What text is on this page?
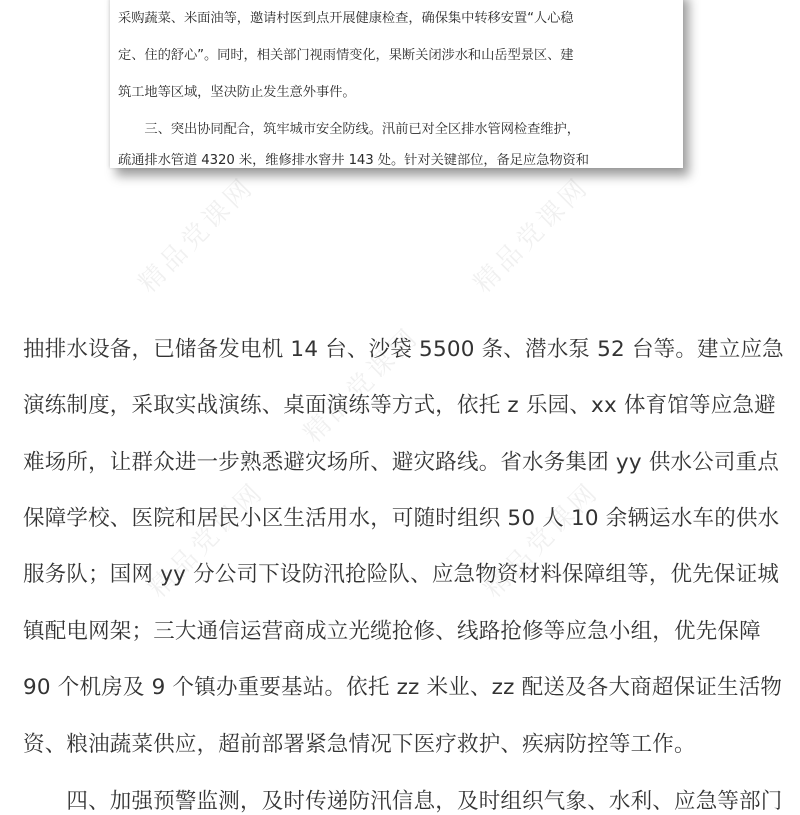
精品党课网	精品党课网
精品党课网
精品党课网	精品党课网
采购蔬菜、米面油等，邀请村医到点开展健康检查，确保集中转移安置“人心稳
定、住的舒心”。同时，相关部门视雨情变化，果断关闭涉水和山岳型景区、建
筑工地等区域，坚决防止发生意外事件。
　　三、突出协同配合，筑牢城市安全防线。汛前已对全区排水管网检查维护，
疏通排水管道 4320 米，维修排水窨井 143 处。针对关键部位，备足应急物资和
抽排水设备，已储备发电机 14 台、沙袋 5500 条、潜水泵 52 台等。建立应急
演练制度，采取实战演练、桌面演练等方式，依托 z 乐园、xx 体育馆等应急避
难场所，让群众进一步熟悉避灾场所、避灾路线。省水务集团 yy 供水公司重点
保障学校、医院和居民小区生活用水，可随时组织 50 人 10 余辆运水车的供水
服务队；国网 yy 分公司下设防汛抢险队、应急物资材料保障组等，优先保证城
镇配电网架；三大通信运营商成立光缆抢修、线路抢修等应急小组，优先保障
90 个机房及 9 个镇办重要基站。依托 zz 米业、zz 配送及各大商超保证生活物
资、粮油蔬菜供应，超前部署紧急情况下医疗救护、疾病防控等工作。
　　四、加强预警监测，及时传递防汛信息，及时组织气象、水利、应急等部门
